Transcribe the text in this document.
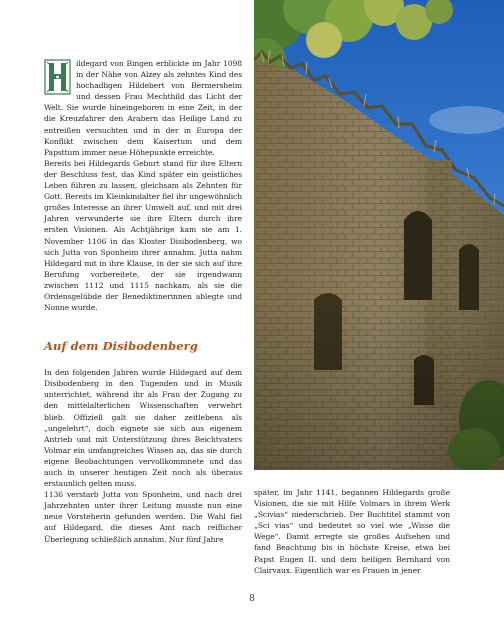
ildegard von Bingen erblickte im Jahr 1098 in der Nähe von Alzey als zehntes Kind des hochadligen Hildebert von Bermersheim und dessen Frau Mechthild das Licht der Welt. Sie wurde hineingeboren in eine Zeit, in der die Kreuzfahrer den Arabern das Heilige Land zu entreißen versuchten und in der in Europa der Konflikt zwischen dem Kaisertum und dem Papsttum immer neue Höhepunkte erreichte.

Bereits bei Hildegards Geburt stand für ihre Eltern der Beschluss fest, das Kind später ein geistliches Leben führen zu lassen, gleichsam als Zehnten für Gott. Bereits im Kleinkindalter fiel ihr ungewöhnlich großes Interesse an ihrer Umwelt auf, und mit drei Jahren verwunderte sie ihre Eltern durch ihre ersten Visionen. Als Achtjährige kam sie am 1. November 1106 in das Kloster Disibodenberg, wo sich Jutta von Sponheim ihrer annahm. Jutta nahm Hildegard mit in ihre Klause, in der sie sich auf ihre Berufung vorbereitete, der sie irgendwann zwischen 1112 und 1115 nachkam, als sie die Ordensgelübde der Benediktinerinnen ablegte und Nonne wurde.

Auf dem Disibodenberg

In den folgenden Jahren wurde Hildegard auf dem Disibodenberg in den Tugenden und in Musik unterrichtet, während ihr als Frau der Zugang zu den mittelalterlichen Wissenschaften verwehrt blieb. Offiziell galt sie daher zeitlebens als „ungelehrt“, doch eignete sie sich aus eigenem Antrieb und mit Unterstützung ihres Beichtvaters Volmar ein umfangreiches Wissen an, das sie durch eigene Beobachtungen vervollkommnete und das auch in unserer heutigen Zeit noch als überaus erstaunlich gelten muss.

1136 verstarb Jutta von Sponheim, und nach drei Jahrzehnten unter ihrer Leitung musste nun eine neue Vorsteherin gefunden werden. Die Wahl fiel auf Hildegard, die dieses Amt nach reiflicher Überlegung schließlich annahm. Nur fünf Jahre

später, im Jahr 1141, begannen Hildegards große Visionen, die sie mit Hilfe Volmars in ihrem Werk „Scivias“ niederschrieb. Der Buchtitel stammt von „Sci vias“ und bedeutet so viel wie „Wisse die Wege“. Damit erregte sie großes Aufsehen und fand Beachtung bis in höchste Kreise, etwa bei Papst Eugen II. und dem heiligen Bernhard von Clairvaux. Eigentlich war es Frauen in jener

8
